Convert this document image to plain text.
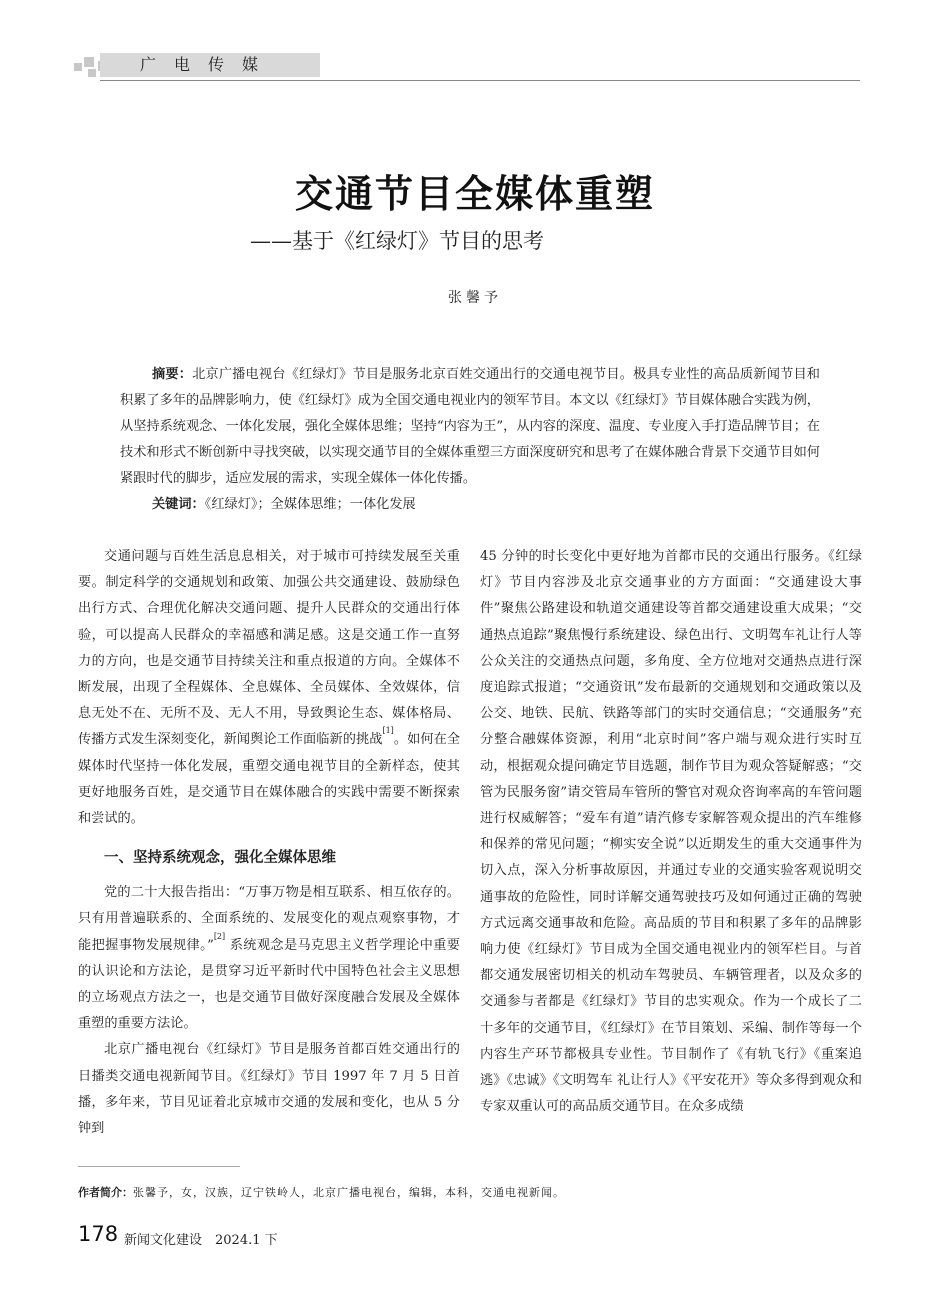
广电传媒
交通节目全媒体重塑
——基于《红绿灯》节目的思考
张馨予

摘要：北京广播电视台《红绿灯》节目是服务北京百姓交通出行的交通电视节目。极具专业性的高品质新闻节目和积累了多年的品牌影响力，使《红绿灯》成为全国交通电视业内的领军节目。本文以《红绿灯》节目媒体融合实践为例，从坚持系统观念、一体化发展，强化全媒体思维；坚持“内容为王”，从内容的深度、温度、专业度入手打造品牌节目；在技术和形式不断创新中寻找突破，以实现交通节目的全媒体重塑三方面深度研究和思考了在媒体融合背景下交通节目如何紧跟时代的脚步，适应发展的需求，实现全媒体一体化传播。

关键词：《红绿灯》；全媒体思维；一体化发展

交通问题与百姓生活息息相关，对于城市可持续发展至关重要。制定科学的交通规划和政策、加强公共交通建设、鼓励绿色出行方式、合理优化解决交通问题、提升人民群众的交通出行体验，可以提高人民群众的幸福感和满足感。这是交通工作一直努力的方向，也是交通节目持续关注和重点报道的方向。全媒体不断发展，出现了全程媒体、全息媒体、全员媒体、全效媒体，信息无处不在、无所不及、无人不用，导致舆论生态、媒体格局、传播方式发生深刻变化，新闻舆论工作面临新的挑战[1]。如何在全媒体时代坚持一体化发展，重塑交通电视节目的全新样态，使其更好地服务百姓，是交通节目在媒体融合的实践中需要不断探索和尝试的。

一、坚持系统观念，强化全媒体思维

党的二十大报告指出：“万事万物是相互联系、相互依存的。只有用普遍联系的、全面系统的、发展变化的观点观察事物，才能把握事物发展规律。”[2] 系统观念是马克思主义哲学理论中重要的认识论和方法论，是贯穿习近平新时代中国特色社会主义思想的立场观点方法之一，也是交通节目做好深度融合发展及全媒体重塑的重要方法论。

北京广播电视台《红绿灯》节目是服务首都百姓交通出行的日播类交通电视新闻节目。《红绿灯》节目 1997 年 7 月 5 日首播，多年来，节目见证着北京城市交通的发展和变化，也从 5 分钟到

45 分钟的时长变化中更好地为首都市民的交通出行服务。《红绿灯》节目内容涉及北京交通事业的方方面面：“交通建设大事件”聚焦公路建设和轨道交通建设等首都交通建设重大成果；“交通热点追踪”聚焦慢行系统建设、绿色出行、文明驾车礼让行人等公众关注的交通热点问题，多角度、全方位地对交通热点进行深度追踪式报道；“交通资讯”发布最新的交通规划和交通政策以及公交、地铁、民航、铁路等部门的实时交通信息；“交通服务”充分整合融媒体资源，利用“北京时间”客户端与观众进行实时互动，根据观众提问确定节目选题，制作节目为观众答疑解惑；“交管为民服务窗”请交管局车管所的警官对观众咨询率高的车管问题进行权威解答；“爱车有道”请汽修专家解答观众提出的汽车维修和保养的常见问题；“柳实安全说”以近期发生的重大交通事件为切入点，深入分析事故原因，并通过专业的交通实验客观说明交通事故的危险性，同时详解交通驾驶技巧及如何通过正确的驾驶方式远离交通事故和危险。高品质的节目和积累了多年的品牌影响力使《红绿灯》节目成为全国交通电视业内的领军栏目。与首都交通发展密切相关的机动车驾驶员、车辆管理者，以及众多的交通参与者都是《红绿灯》节目的忠实观众。作为一个成长了二十多年的交通节目，《红绿灯》在节目策划、采编、制作等每一个内容生产环节都极具专业性。节目制作了《有轨飞行》《重案追逃》《忠诚》《文明驾车 礼让行人》《平安花开》等众多得到观众和专家双重认可的高品质交通节目。在众多成绩

作者简介：张馨予，女，汉族，辽宁铁岭人，北京广播电视台，编辑，本科，交通电视新闻。
178 新闻文化建设　2024.1 下
